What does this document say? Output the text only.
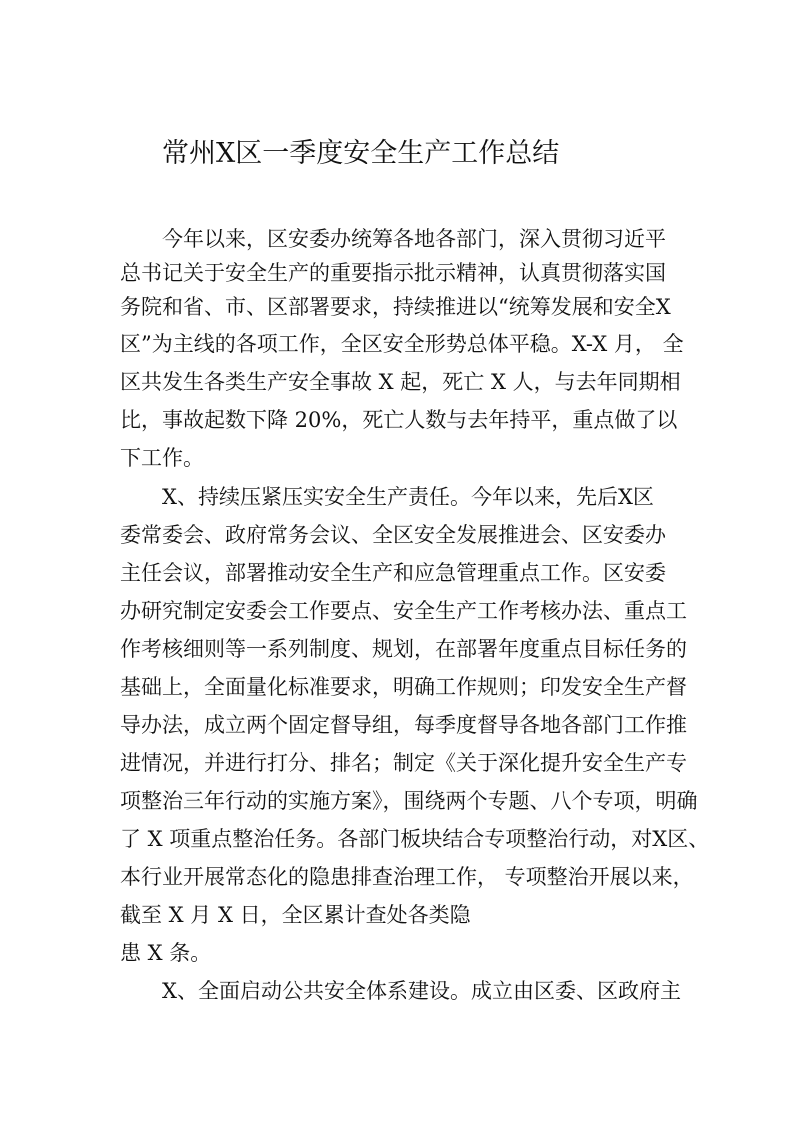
常州X区一季度安全生产工作总结
今年以来，区安委办统筹各地各部门，深入贯彻习近平
总书记关于安全生产的重要指示批示精神，认真贯彻落实国
务院和省、市、区部署要求，持续推进以“统筹发展和安全X
区”为主线的各项工作，全区安全形势总体平稳。X-X 月， 全
区共发生各类生产安全事故 X 起，死亡 X 人，与去年同期相
比，事故起数下降 20%，死亡人数与去年持平，重点做了以
下工作。
X、持续压紧压实安全生产责任。今年以来，先后X区
委常委会、政府常务会议、全区安全发展推进会、区安委办
主任会议，部署推动安全生产和应急管理重点工作。区安委
办研究制定安委会工作要点、安全生产工作考核办法、重点工
作考核细则等一系列制度、规划，在部署年度重点目标任务的
基础上，全面量化标准要求，明确工作规则；印发安全生产督
导办法，成立两个固定督导组，每季度督导各地各部门工作推
进情况，并进行打分、排名；制定《关于深化提升安全生产专
项整治三年行动的实施方案》，围绕两个专题、八个专项，明确
了 X 项重点整治任务。各部门板块结合专项整治行动，对X区、
本行业开展常态化的隐患排查治理工作， 专项整治开展以来，
截至 X 月 X 日，全区累计查处各类隐
患 X 条。
X、全面启动公共安全体系建设。成立由区委、区政府主
